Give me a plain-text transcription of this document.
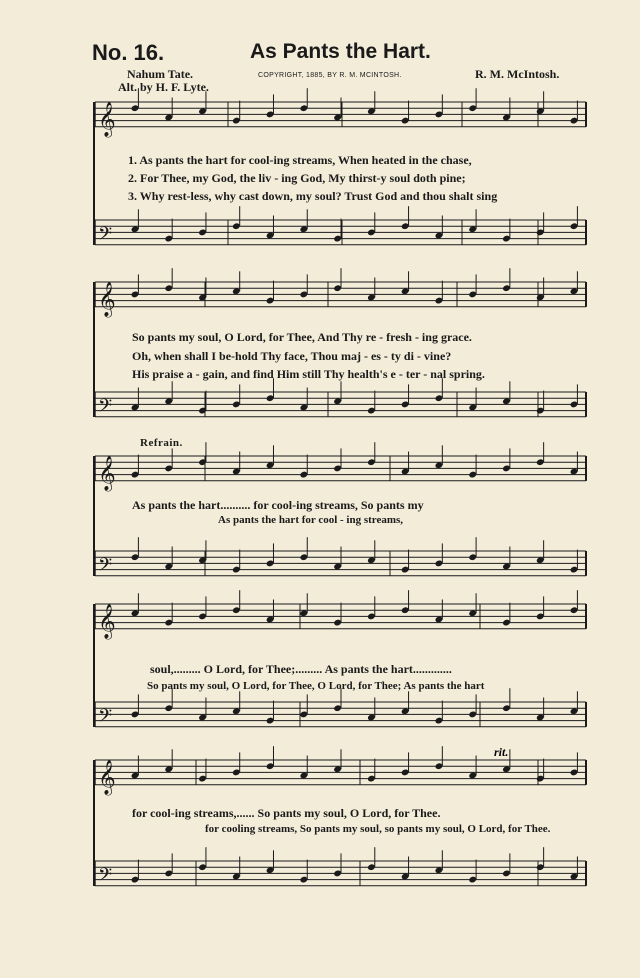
No. 16.	As Pants the Hart.
Nahum Tate.
Alt. by H. F. Lyte.
COPYRIGHT, 1885, BY R. M. MCINTOSH.	R. M. McIntosh.
𝄞
𝄢
𝄞
𝄢
𝄞
𝄢
𝄞
𝄢
𝄞
𝄢
rit.
1. As pants the hart for cool-ing streams, When heated in the chase,
2. For Thee, my God, the liv - ing God, My thirst-y soul doth pine;
3. Why rest-less, why cast down, my soul? Trust God and thou shalt sing
So pants my soul, O Lord, for Thee, And Thy re - fresh - ing grace.
Oh, when shall I be-hold Thy face, Thou maj - es - ty di - vine?
His praise a - gain, and find Him still Thy health's e - ter - nal spring.
Refrain.
As pants the hart.......... for cool-ing streams, So pants my
As pants the hart for cool - ing streams,
soul,......... O Lord, for Thee;......... As pants the hart.............
So pants my soul, O Lord, for Thee, O Lord, for Thee; As pants the hart
for cool-ing streams,...... So pants my soul, O Lord, for Thee.
for cooling streams, So pants my soul, so pants my soul, O Lord, for Thee.
